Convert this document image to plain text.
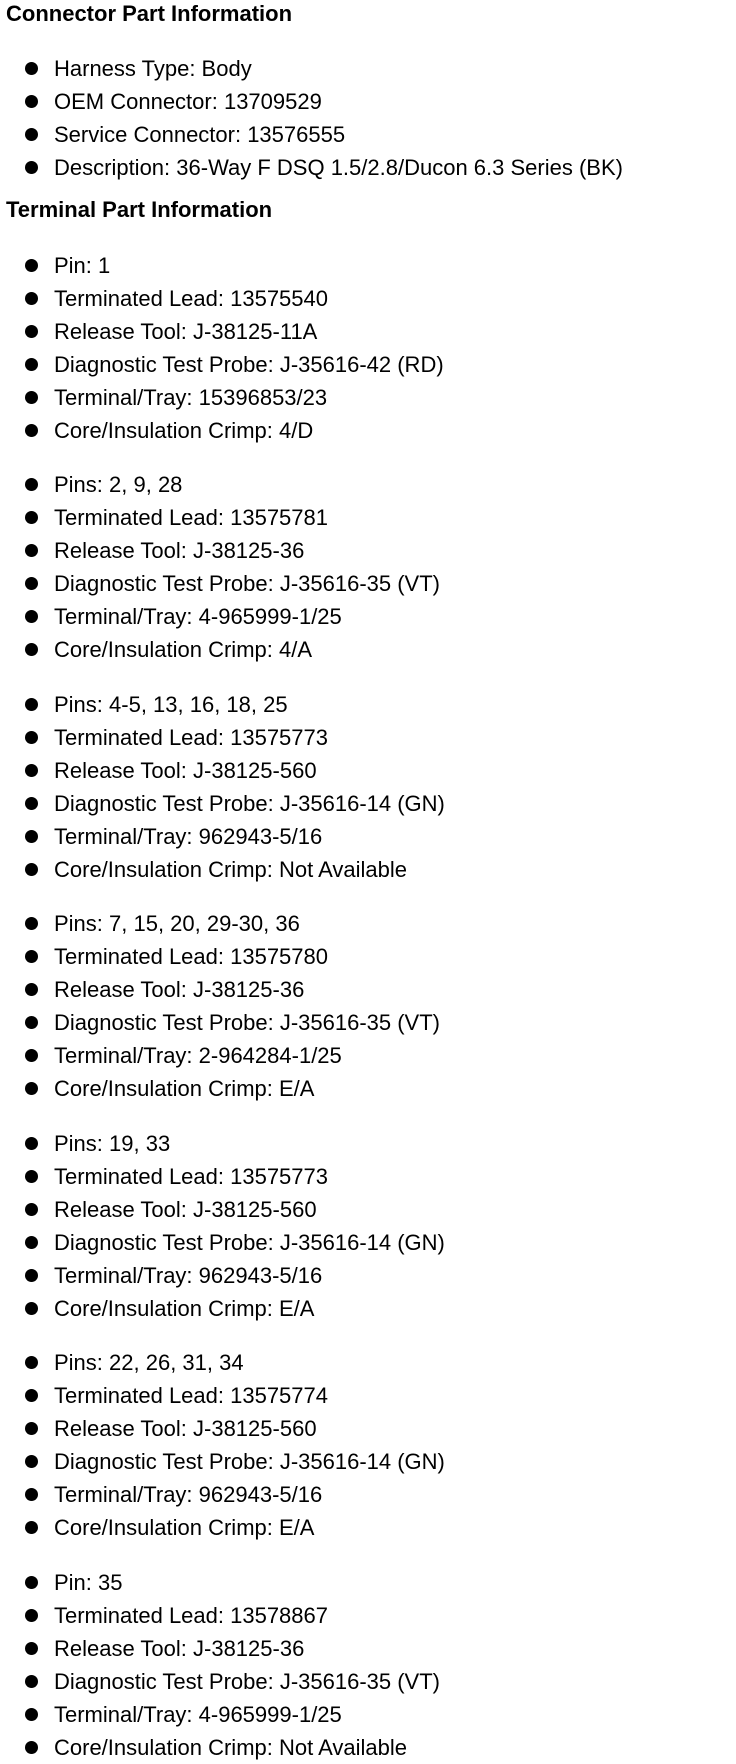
Connector Part Information
Harness Type: Body
OEM Connector: 13709529
Service Connector: 13576555
Description: 36-Way F DSQ 1.5/2.8/Ducon 6.3 Series (BK)
Terminal Part Information
Pin: 1
Terminated Lead: 13575540
Release Tool: J-38125-11A
Diagnostic Test Probe: J-35616-42 (RD)
Terminal/Tray: 15396853/23
Core/Insulation Crimp: 4/D
Pins: 2, 9, 28
Terminated Lead: 13575781
Release Tool: J-38125-36
Diagnostic Test Probe: J-35616-35 (VT)
Terminal/Tray: 4-965999-1/25
Core/Insulation Crimp: 4/A
Pins: 4-5, 13, 16, 18, 25
Terminated Lead: 13575773
Release Tool: J-38125-560
Diagnostic Test Probe: J-35616-14 (GN)
Terminal/Tray: 962943-5/16
Core/Insulation Crimp: Not Available
Pins: 7, 15, 20, 29-30, 36
Terminated Lead: 13575780
Release Tool: J-38125-36
Diagnostic Test Probe: J-35616-35 (VT)
Terminal/Tray: 2-964284-1/25
Core/Insulation Crimp: E/A
Pins: 19, 33
Terminated Lead: 13575773
Release Tool: J-38125-560
Diagnostic Test Probe: J-35616-14 (GN)
Terminal/Tray: 962943-5/16
Core/Insulation Crimp: E/A
Pins: 22, 26, 31, 34
Terminated Lead: 13575774
Release Tool: J-38125-560
Diagnostic Test Probe: J-35616-14 (GN)
Terminal/Tray: 962943-5/16
Core/Insulation Crimp: E/A
Pin: 35
Terminated Lead: 13578867
Release Tool: J-38125-36
Diagnostic Test Probe: J-35616-35 (VT)
Terminal/Tray: 4-965999-1/25
Core/Insulation Crimp: Not Available
